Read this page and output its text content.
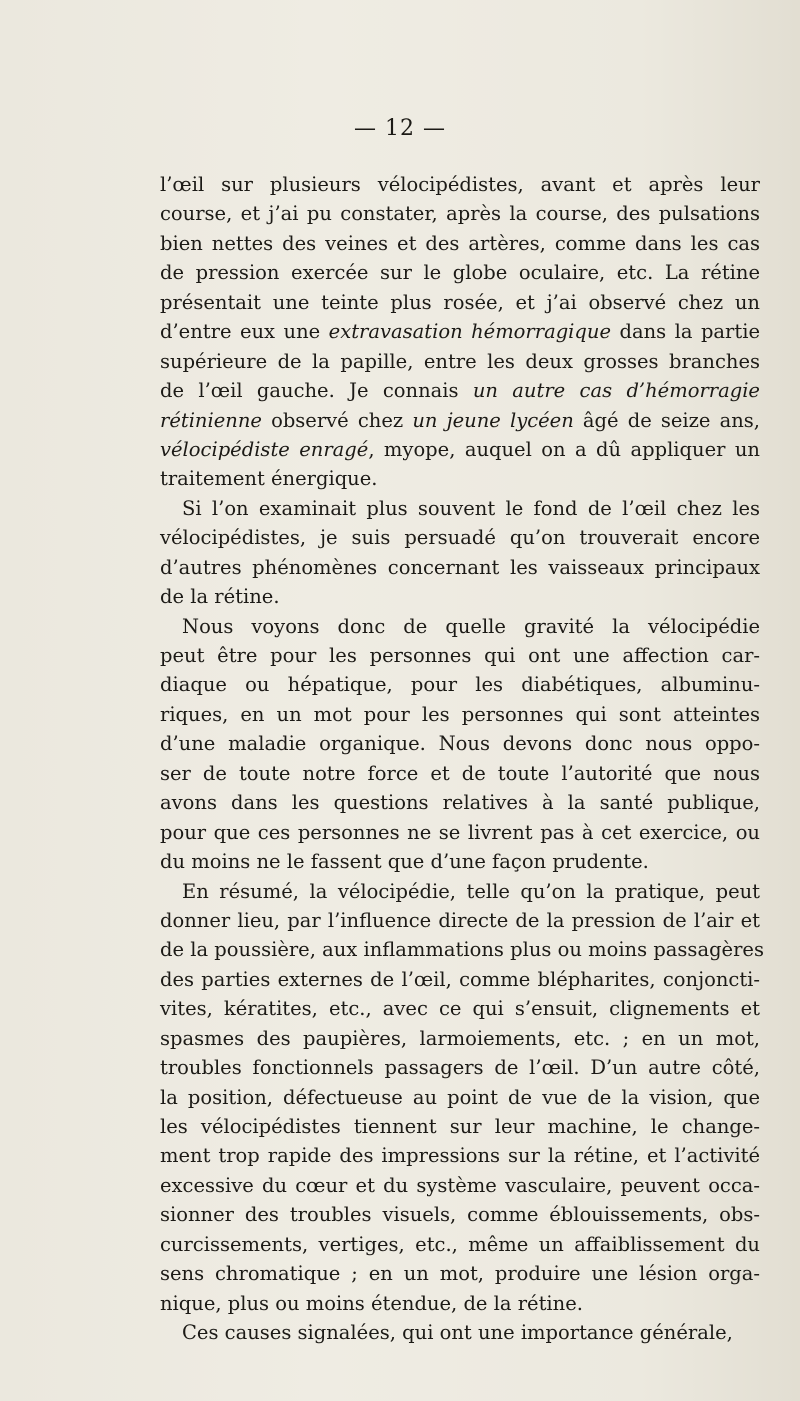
— 12 —
l’œil sur plusieurs vélocipédistes, avant et après leur
course, et j’ai pu constater, après la course, des pulsations
bien nettes des veines et des artères, comme dans les cas
de pression exercée sur le globe oculaire, etc. La rétine
présentait une teinte plus rosée, et j’ai observé chez un
d’entre eux une extravasation hémorragique dans la partie
supérieure de la papille, entre les deux grosses branches
de l’œil gauche. Je connais un autre cas d’hémorragie
rétinienne observé chez un jeune lycéen âgé de seize ans,
vélocipédiste enragé, myope, auquel on a dû appliquer un
traitement énergique.
Si l’on examinait plus souvent le fond de l’œil chez les
vélocipédistes, je suis persuadé qu’on trouverait encore
d’autres phénomènes concernant les vaisseaux principaux
de la rétine.
Nous voyons donc de quelle gravité la vélocipédie
peut être pour les personnes qui ont une affection car-
diaque ou hépatique, pour les diabétiques, albuminu-
riques, en un mot pour les personnes qui sont atteintes
d’une maladie organique. Nous devons donc nous oppo-
ser de toute notre force et de toute l’autorité que nous
avons dans les questions relatives à la santé publique,
pour que ces personnes ne se livrent pas à cet exercice, ou
du moins ne le fassent que d’une façon prudente.
En résumé, la vélocipédie, telle qu’on la pratique, peut
donner lieu, par l’influence directe de la pression de l’air et
de la poussière, aux inflammations plus ou moins passagères
des parties externes de l’œil, comme blépharites, conjoncti-
vites, kératites, etc., avec ce qui s’ensuit, clignements et
spasmes des paupières, larmoiements, etc. ; en un mot,
troubles fonctionnels passagers de l’œil. D’un autre côté,
la position, défectueuse au point de vue de la vision, que
les vélocipédistes tiennent sur leur machine, le change-
ment trop rapide des impressions sur la rétine, et l’activité
excessive du cœur et du système vasculaire, peuvent occa-
sionner des troubles visuels, comme éblouissements, obs-
curcissements, vertiges, etc., même un affaiblissement du
sens chromatique ; en un mot, produire une lésion orga-
nique, plus ou moins étendue, de la rétine.
Ces causes signalées, qui ont une importance générale,
